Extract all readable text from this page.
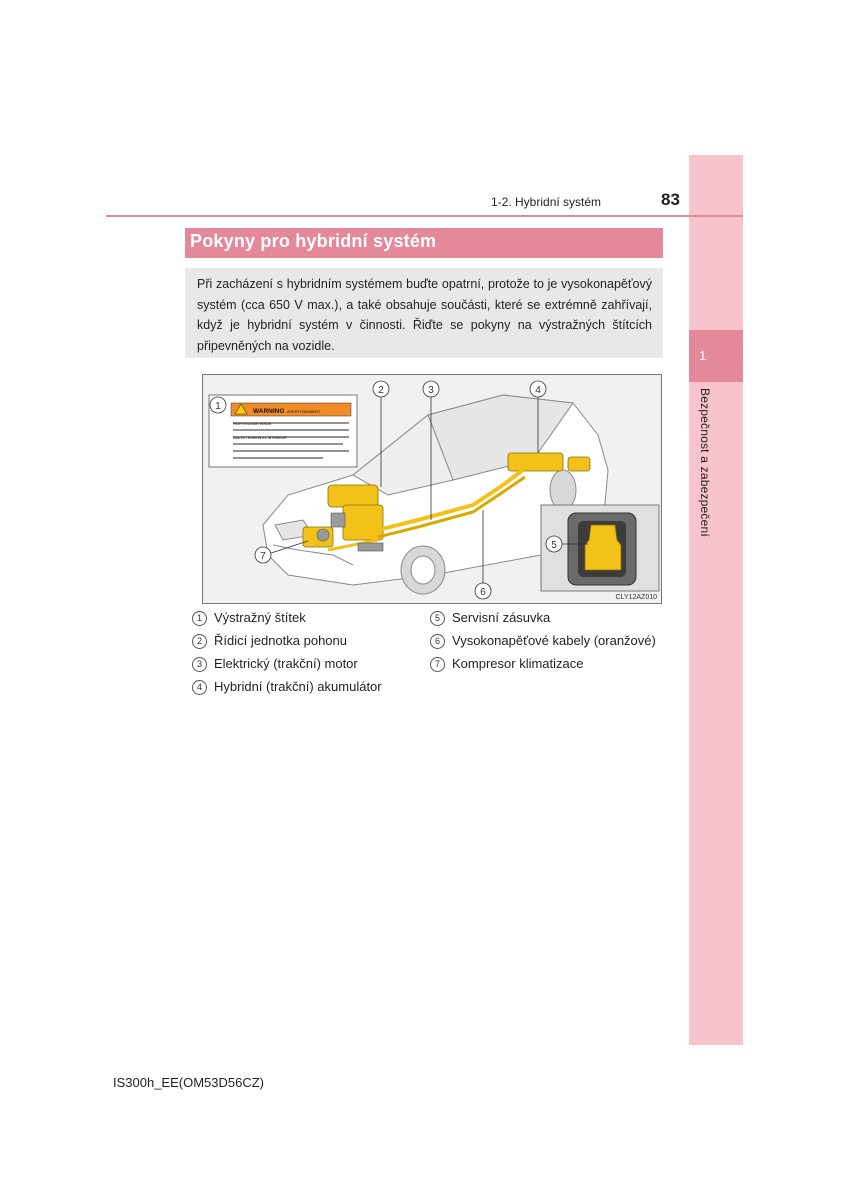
1
Bezpečnost a zabezpečení
1-2. Hybridní systém	83
Pokyny pro hybridní systém

Při zacházení s hybridním systémem buďte opatrní, protože to je vysokonapěťový systém (cca 650 V max.), a také obsahuje součásti, které se extrémně zahřívají, když je hybridní systém v činnosti. Řiďte se pokyny na výstražných štítcích připevněných na vozidle.

WARNING AVERTISSEMENT
HIGH VOLTAGE INSIDE
HAUTE TENSION A L'INTERIEUR
1
2	3	4
5
6
7
CLY12AZ010
1 Výstražný štítek
2 Řídicí jednotka pohonu
3 Elektrický (trakční) motor
4 Hybridní (trakční) akumulátor
5 Servisní zásuvka
6 Vysokonapěťové kabely (oranžové)
7 Kompresor klimatizace
IS300h_EE(OM53D56CZ)
